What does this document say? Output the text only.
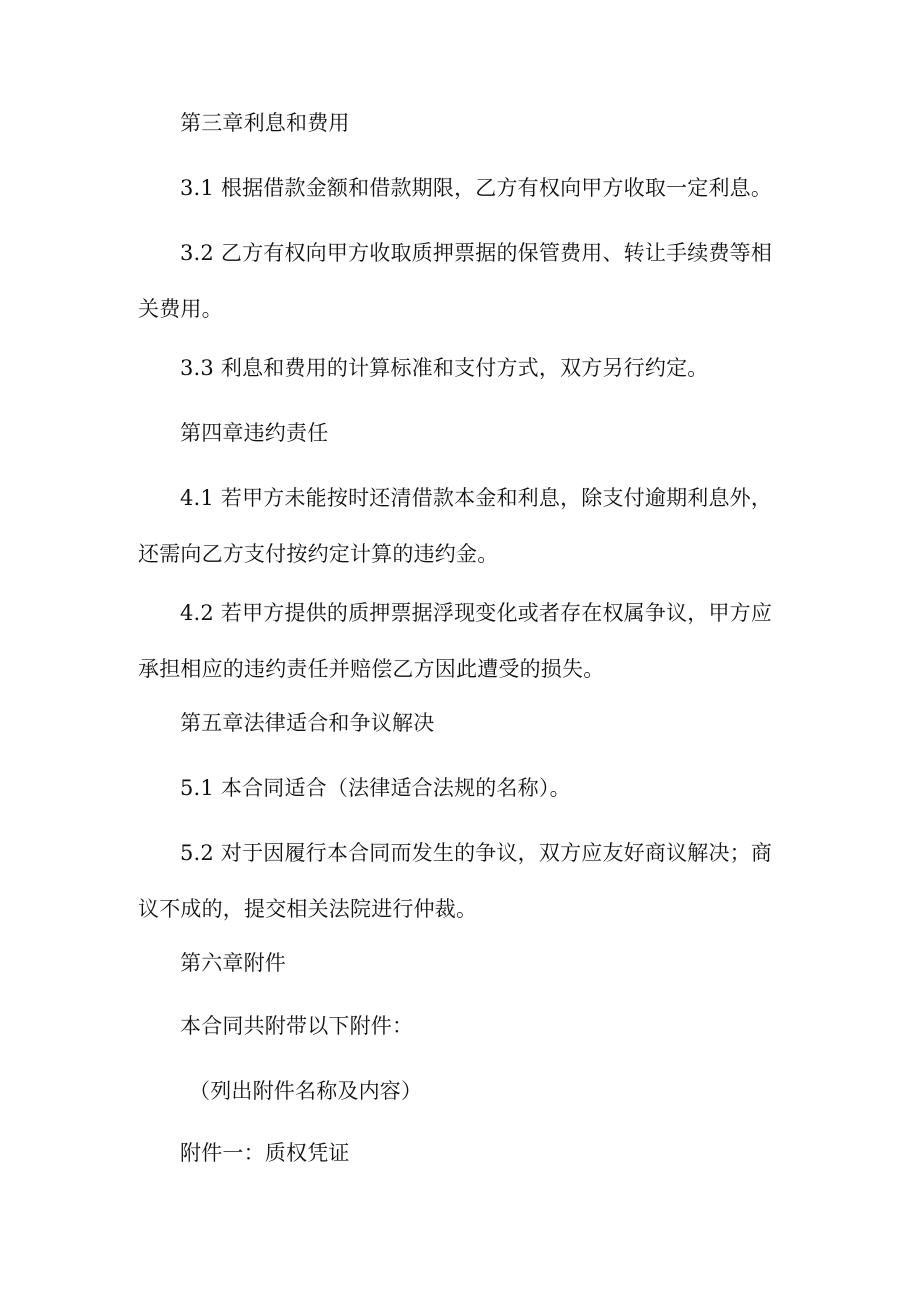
第三章利息和费用

3.1 根据借款金额和借款期限，乙方有权向甲方收取一定利息。

3.2 乙方有权向甲方收取质押票据的保管费用、转让手续费等相关费用。

3.3 利息和费用的计算标准和支付方式，双方另行约定。

第四章违约责任

4.1 若甲方未能按时还清借款本金和利息，除支付逾期利息外，还需向乙方支付按约定计算的违约金。

4.2 若甲方提供的质押票据浮现变化或者存在权属争议，甲方应承担相应的违约责任并赔偿乙方因此遭受的损失。

第五章法律适合和争议解决

5.1 本合同适合（法律适合法规的名称）。

5.2 对于因履行本合同而发生的争议，双方应友好商议解决；商议不成的，提交相关法院进行仲裁。

第六章附件

本合同共附带以下附件：

（列出附件名称及内容）

附件一：质权凭证
